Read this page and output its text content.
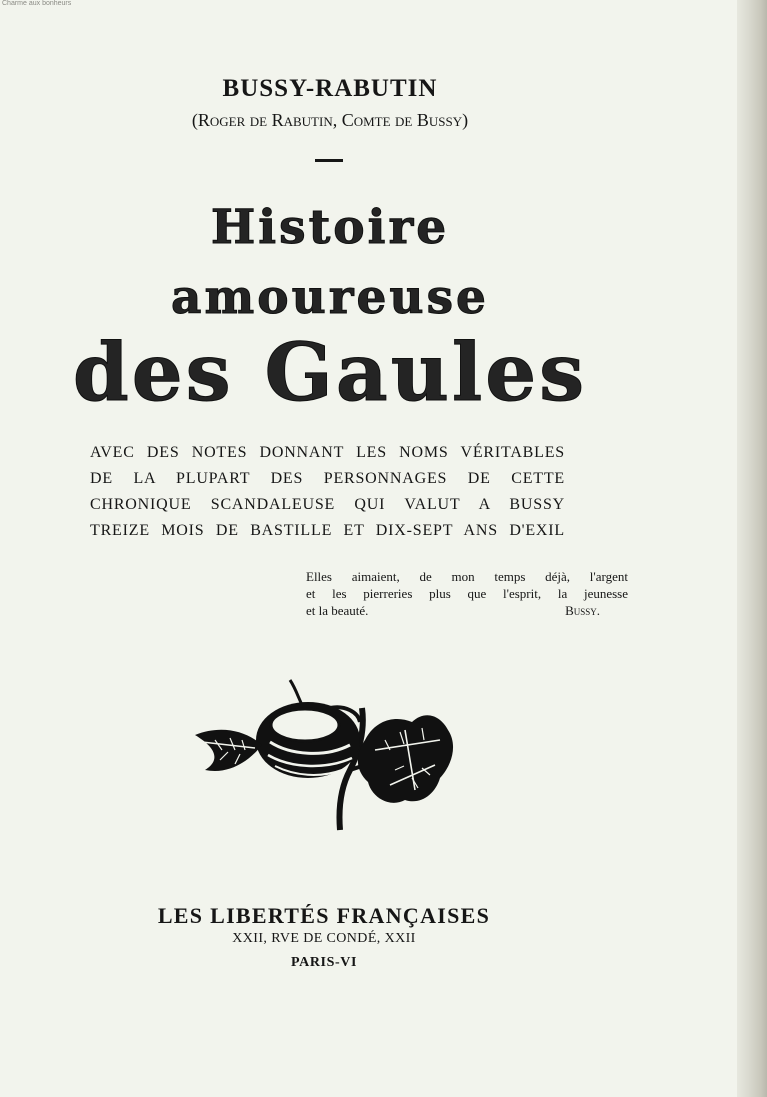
Charme aux bonheurs
BUSSY-RABUTIN
(Roger de Rabutin, Comte de Bussy)
Histoire
amoureuse
des Gaules
AVEC DES NOTES DONNANT LES NOMS VÉRITABLES
DE LA PLUPART DES PERSONNAGES DE CETTE
CHRONIQUE SCANDALEUSE QUI VALUT A BUSSY
TREIZE MOIS DE BASTILLE ET DIX-SEPT ANS D'EXIL
Elles aimaient, de mon temps déjà, l'argent
et les pierreries plus que l'esprit, la jeunesse
et la beauté.	Bussy.
LES LIBERTÉS FRANÇAISES
XXII, RVE DE CONDÉ, XXII
PARIS-VI
